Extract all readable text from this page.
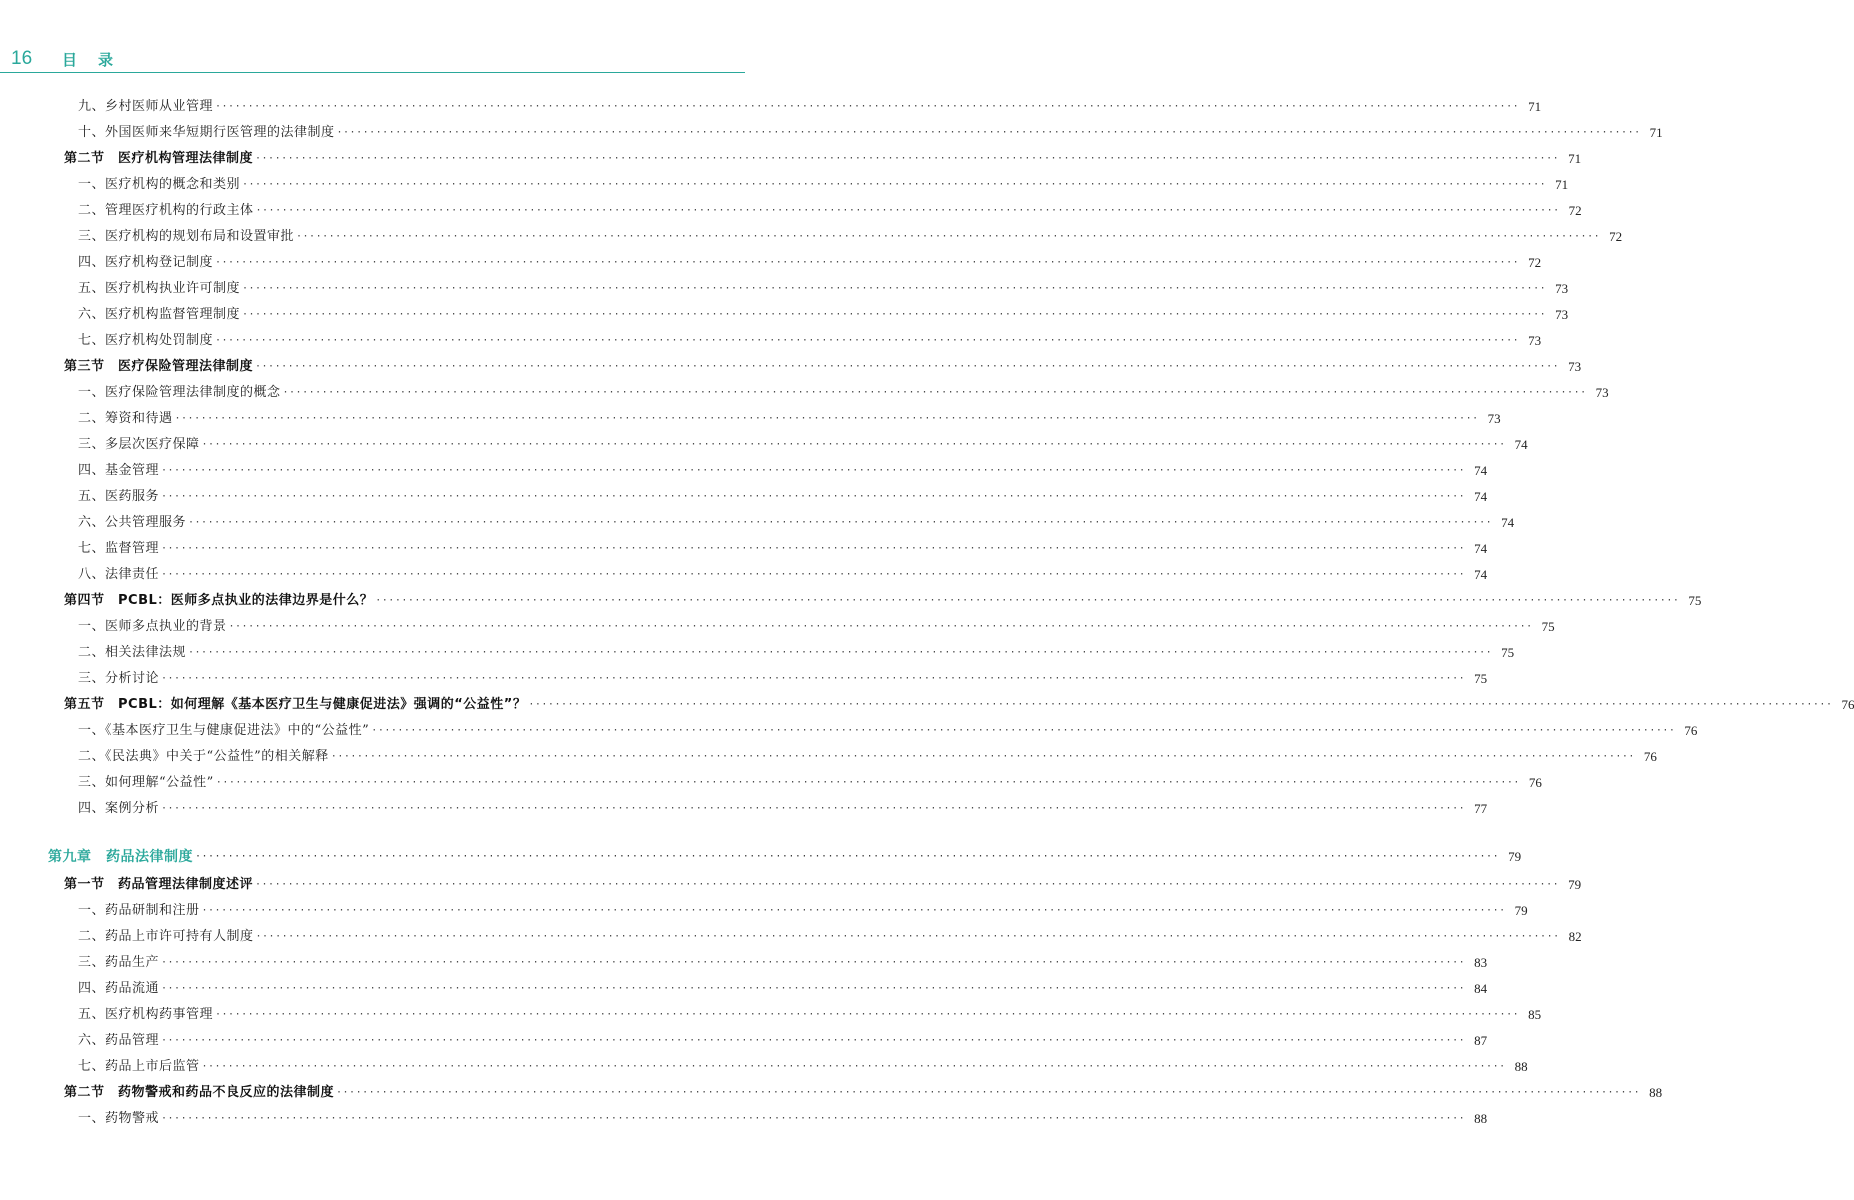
16 目录
九、乡村医师从业管理 ········································································································································································································ 71
十、外国医师来华短期行医管理的法律制度 ········································································································································································································ 71
第二节　医疗机构管理法律制度 ········································································································································································································ 71
一、医疗机构的概念和类别 ········································································································································································································ 71
二、管理医疗机构的行政主体 ········································································································································································································ 72
三、医疗机构的规划布局和设置审批 ········································································································································································································ 72
四、医疗机构登记制度 ········································································································································································································ 72
五、医疗机构执业许可制度 ········································································································································································································ 73
六、医疗机构监督管理制度 ········································································································································································································ 73
七、医疗机构处罚制度 ········································································································································································································ 73
第三节　医疗保险管理法律制度 ········································································································································································································ 73
一、医疗保险管理法律制度的概念 ········································································································································································································ 73
二、筹资和待遇 ········································································································································································································ 73
三、多层次医疗保障 ········································································································································································································ 74
四、基金管理 ········································································································································································································ 74
五、医药服务 ········································································································································································································ 74
六、公共管理服务 ········································································································································································································ 74
七、监督管理 ········································································································································································································ 74
八、法律责任 ········································································································································································································ 74
第四节　PCBL：医师多点执业的法律边界是什么？ ········································································································································································································ 75
一、医师多点执业的背景 ········································································································································································································ 75
二、相关法律法规 ········································································································································································································ 75
三、分析讨论 ········································································································································································································ 75
第五节　PCBL：如何理解《基本医疗卫生与健康促进法》强调的“公益性”？ ········································································································································································································ 76
一、《基本医疗卫生与健康促进法》中的“公益性” ········································································································································································································ 76
二、《民法典》中关于“公益性”的相关解释 ········································································································································································································ 76
三、如何理解“公益性” ········································································································································································································ 76
四、案例分析 ········································································································································································································ 77
第九章　药品法律制度 ········································································································································································································ 79
第一节　药品管理法律制度述评 ········································································································································································································ 79
一、药品研制和注册 ········································································································································································································ 79
二、药品上市许可持有人制度 ········································································································································································································ 82
三、药品生产 ········································································································································································································ 83
四、药品流通 ········································································································································································································ 84
五、医疗机构药事管理 ········································································································································································································ 85
六、药品管理 ········································································································································································································ 87
七、药品上市后监管 ········································································································································································································ 88
第二节　药物警戒和药品不良反应的法律制度 ········································································································································································································ 88
一、药物警戒 ········································································································································································································ 88
